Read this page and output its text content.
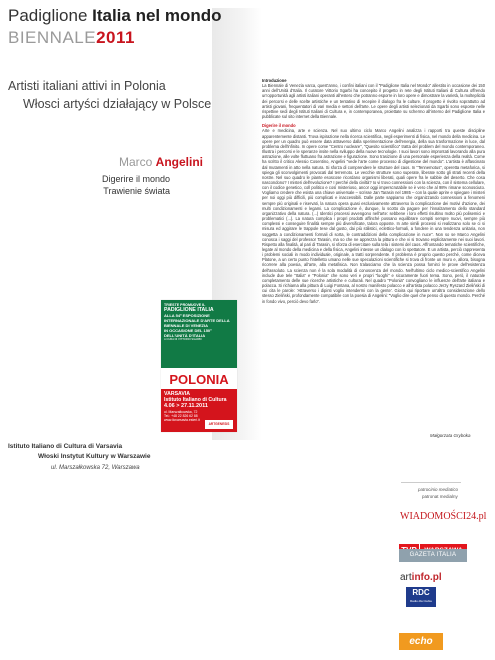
Padiglione Italia nel mondo
BIENNALE2011
Artisti italiani attivi in Polonia
Włosci artyści działający w Polsce
Marco Angelini
Digerire il mondo
Trawienie świata
TRIESTE PROMUOVE IL
PADIGLIONE ITALIA
ALLA 54ª ESPOSIZIONE INTERNAZIONALE D'ARTE DELLA BIENNALE DI VENEZIA
IN OCCASIONE DEL 150° DELL'UNITÀ D'ITALIA
A CURA DI VITTORIO SGARBI
POLONIA
VARSAVIA
Istituto Italiano di Cultura
4.06 > 27.11.2011
ul. Marszałkowska, 72
Tel.: +48 22 826 62 88
www.iicvarsavia.esteri.it
ARTGENESIS
Istituto Italiano di Cultura di Varsavia
Włoski Instytut Kultury w Warszawie
ul. Marszałkowska 72, Warszawa

Introduzione

La Biennale di Venezia varca, quest'anno, i confini italiani con il "Padiglione Italia nel Mondo" allestito in occasione dei 150 anni dell'Unità d'Italia. Il curatore Vittorio Sgarbi ha concepito il progetto in rete degli Istituti Italiani di Cultura offrendo un'opportunità agli artisti italiani operanti all'estero che potranno esporre in loro opere e dimostrare la varietà, la molteplicità dei percorsi e delle scelte artistiche e un tentativo di recepire il dialogo fra le culture. Il progetto è rivolto soprattutto ad artisti giovani, frequentatori di vari media e settori dell'arte. Le opere degli artisti selezionati da Sgarbi sono esposte nelle rispettive sedi degli Istituti Italiani di Cultura e, in contemporanea, proiettate su schermo all'interno del Padiglione Italia e pubblicate sul sito internet della Biennale.

Digerire il mondo

Arte e medicina, arte e scienza. Nel suo ultimo ciclo Marco Angelini analizza i rapporti tra queste discipline apparentemente distanti. Trova ispirazione nella ricerca scientifica, negli esperimenti di fisica, nel mondo della medicina. Le opere per un quadro può essere data attraverso dalla sperimentazione dell'energia, della sua trasformazione in luce, dal problema dell'infinito. In opere come "Centro nucleare", "Quesito scientifico" tratta del problem del mondo contemporaneo. Illustra i percorsi e le speranze insite nella sviluppo della nuove tecnologie. I suoi lavori sono improntati lavorando alla pura astrazione, alle volte fluttuano fra astrazione e figurazione. Sono trasizione di una personale esperienza della realtà. Come ha scritto il critico Alessio Cosentino, Angelini "vede l'arte come processo di digestione del mondo". L'artista è affascinato dal mutamenti in atto nella natura. Si sforza di comprendere le strutture del caos. In "Tennemotus", operetta metaforica, si spiega gli sconvolgimenti provocati dal terremoto. Le vecchie strutture sono superate, liberate sotto gli strati recenti della nostre. Nel suo quadro le piante esoscose ricordano organismi liberati, quali opere fra le sabbie del deserto. Che cosa nascondono? I misteri dell'evoluzione? I perché della civiltà? Io vi trovo connessioni con la scienza, con il sistema cellulare, con il codice genetico, coll politico e così misterioso, ancor oggi imperscrutabile se è vero che al 98% rimane sconosciuto. Vogliamo credere che esista una chiave universale – scrisse Jan Tarasin nel 1985 – con la quale aprire e spiegare i misteri per noi oggi più difficili, più complicati e inaccessibili. Dalle parte sappiamo che organizzando connessioni a fenomeni sempre più originali e riservati, la natura opera quasi esclusivamente attraverso la complicazione dei motivi d'azione, dei multi condizionamenti e legami. La complicazione è, dunque, lo scotto da pagare per l'innalzamento dello standard organizzativo della natura. (...) Identici processi avvengono nell'arte: sebbene i loro effetti risultino molto più polisemici e problematici (...). La natura complica i propri prodotti affinché possano equilibrare compiti sempre nuovi, sempre più complessi e conseguire finalità sempre più diversificate, talora opposte. In arte simili processi si realizzano solo se ci si misura ed aggirare le trappole tese dal gusto, dai più stilistici, eclettico-formali, a fondere in una tendenza unitaria, non soggetta a condizionamenti formali di sorta, le contraddizioni della complicazione in nuce". Non so se Marco Angelini conosca i saggi del professor Tarasin, ma so che ne apprezza la pittura e che vi si trovano esplicitamente nei suoi lavori. Rispetto alla finalità, al pari di Tarasin, si sforza di esercitare sulla tela i sistemi del caos. Affrontando tematiche scientifiche, legate al mondo della medicina e della fisica, Angelini intesse un dialogo con lo spettatore. E un artista, perciò rappresenta i problemi sociali in modo individuale, originale, a tratti sorprendente. Il problema è proprio questo perché, come diceva Platone, a un certo punto l'intelletto umano nelle sue speculazioni scientifiche si trova di fronte un muro e, allora, bisogna ricorrere alla poesia, all'arte, alla metafisica. Non tralasciamo che la scienza possa fornirci le prove dell'esistenza dell'assoluto. La scienza non è la sola modalità di conoscenza del mondo. Nell'ultimo ciclo medico-scientifico Angelini include due tele "Italia" e "Polonia" che sono veri e propri "luoghi" e sicuramente fuori tema. Sono, però, il naturale completamento delle sue ricerche artistiche e culturali. Nel quadro "Polonia" convogliano le influenze dell'arte italiana e polacca. Si richiama alla pittura di Luigi Fontana, al nostro manifesto polacco e all'artista polacco Jerzy Ryszard Zieliński di cui cita le parole: 'Attraverso i dipinti voglio intendermi con la gente'. Gioira qui riportare un'altra considerazione dello stesso Zieliński, profondamente compatibile con la poesia di Angelini: "Voglio dire quel che penso di questo mondo. Perché in fondo vivo, perciò devo farlo".

Małgorzata Gryboka
patrocinio mediatico
patronat medialny
WIADOMOŚCI24.pl
GAZETA ITALIA
artinfo.pl
RDC
Radio dla Ciebie
echo
